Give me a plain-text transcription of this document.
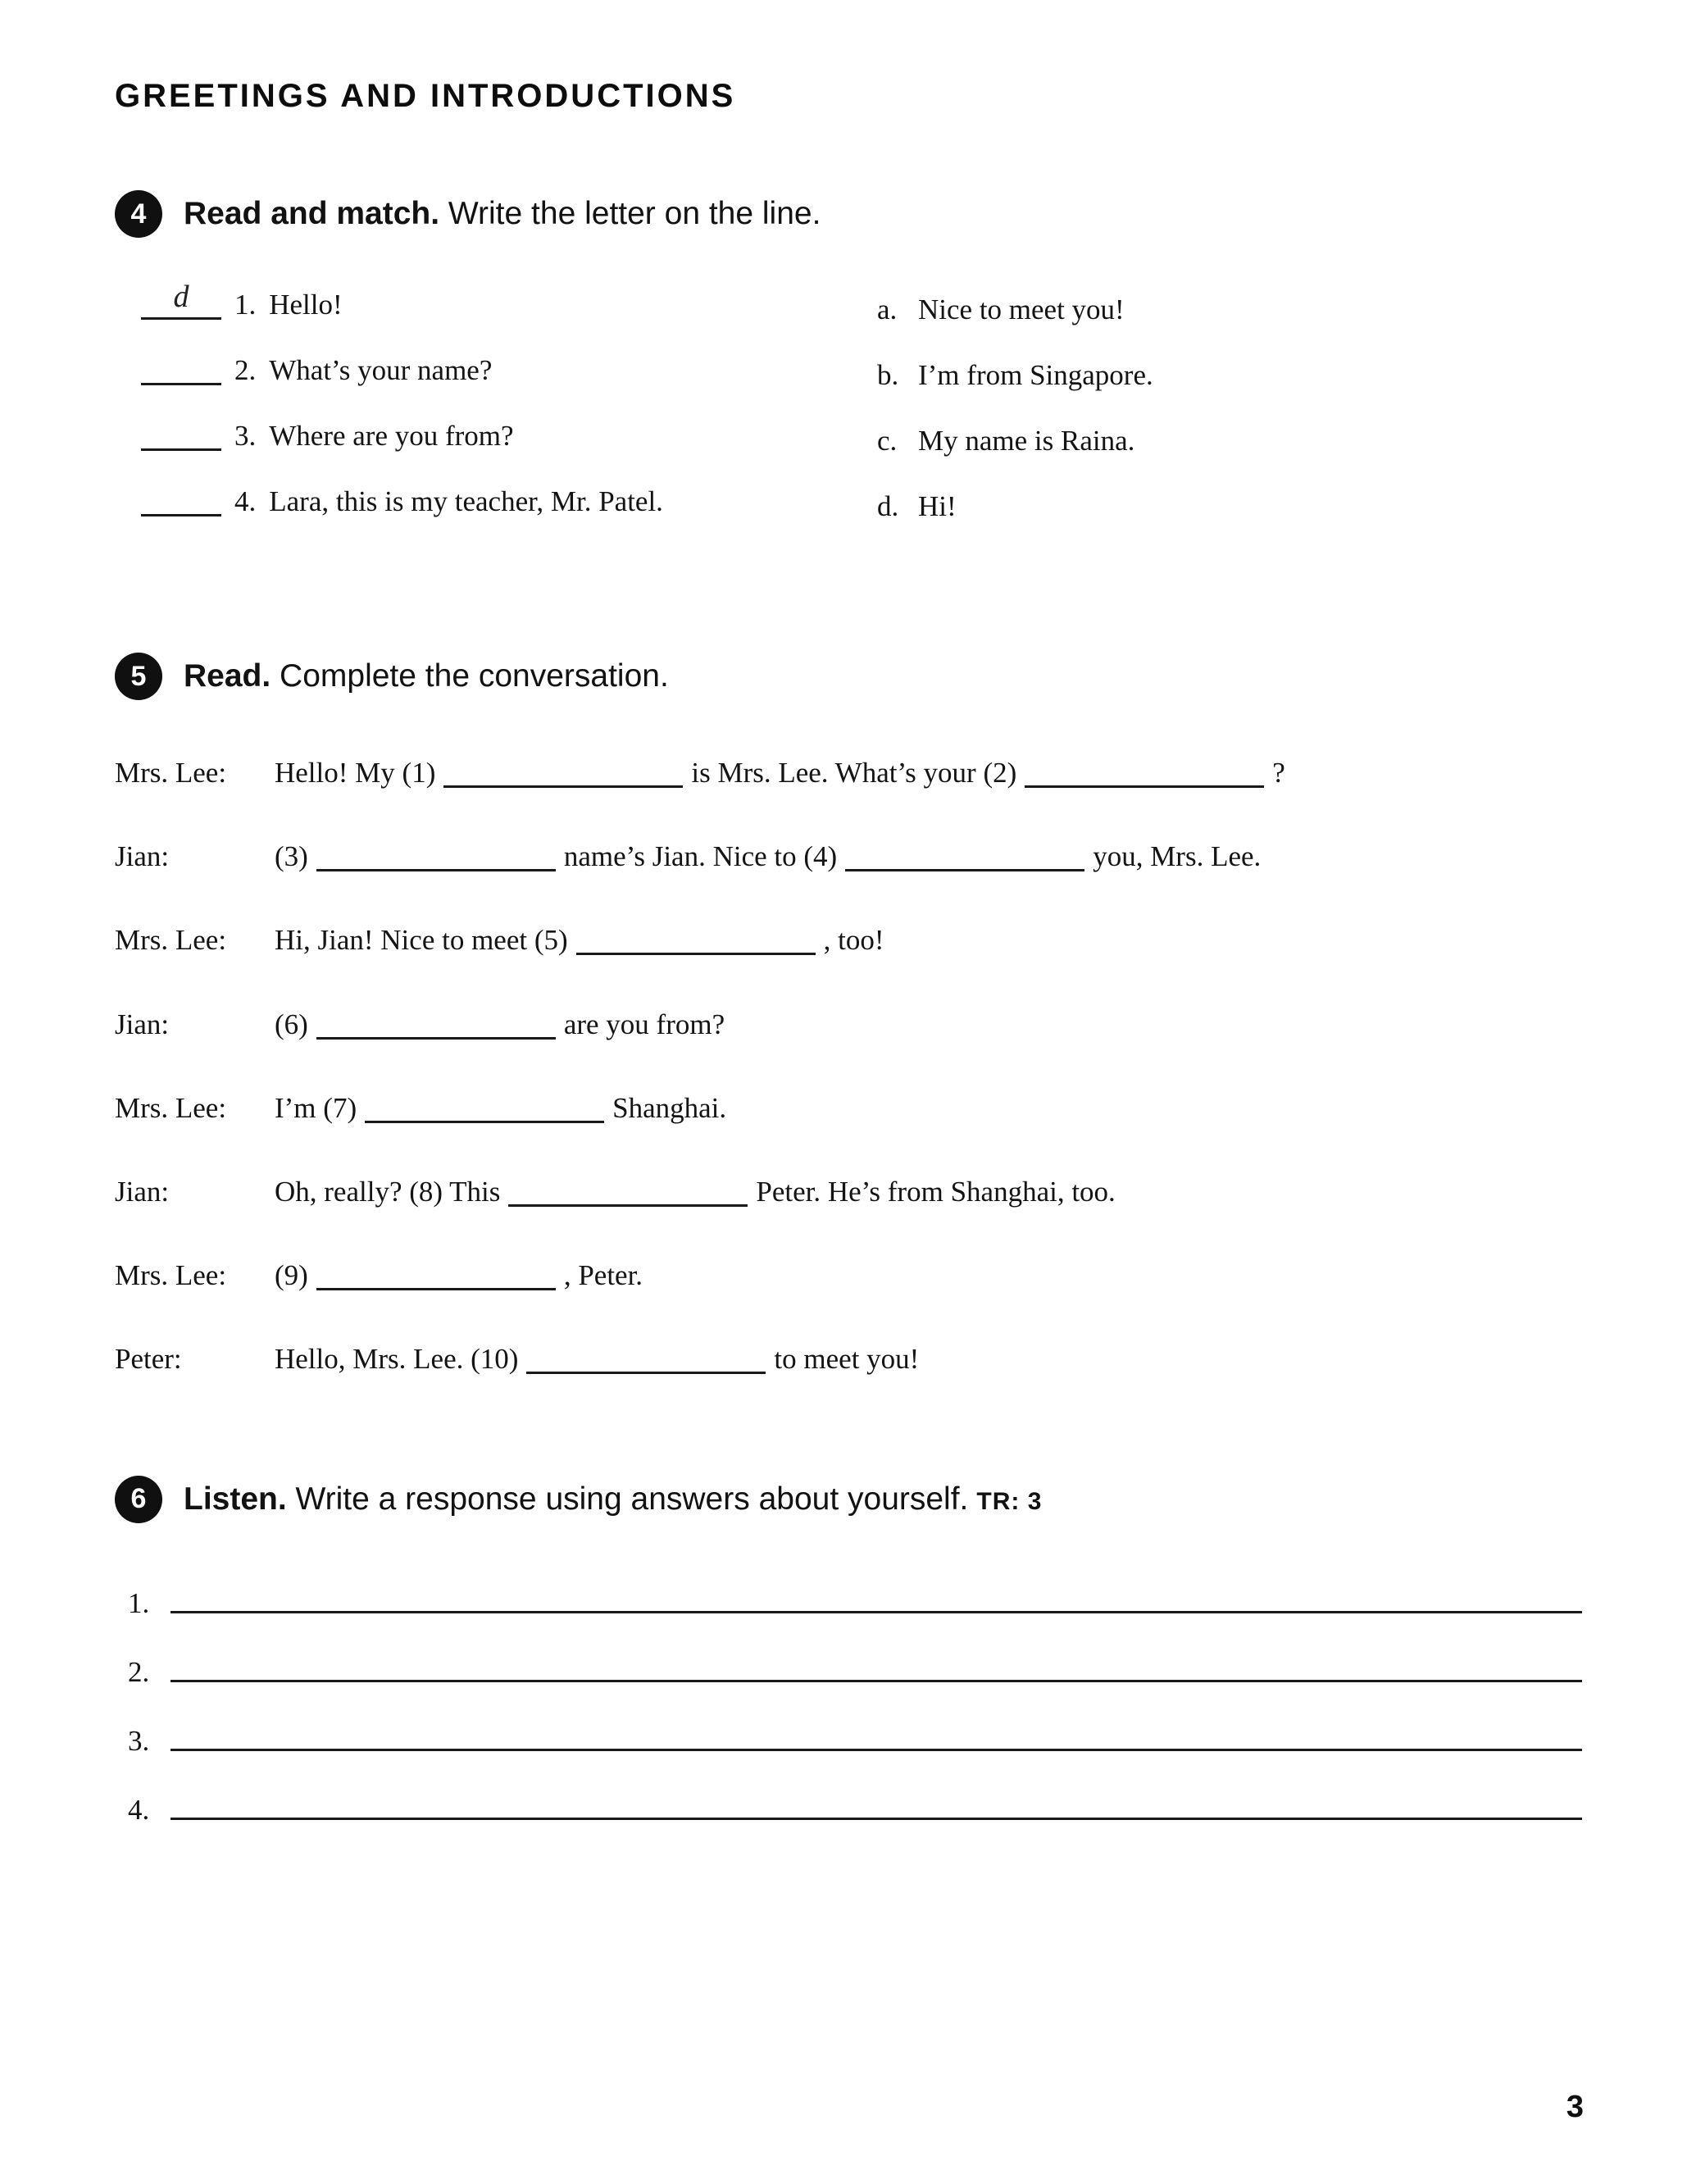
GREETINGS AND INTRODUCTIONS
4	Read and match. Write the letter on the line.
d	1. Hello!
2. What’s your name?
3. Where are you from?
4. Lara, this is my teacher, Mr. Patel.
a. Nice to meet you!
b. I’m from Singapore.
c. My name is Raina.
d. Hi!
5	Read. Complete the conversation.
Mrs. Lee:	Hello! My (1)	is Mrs. Lee. What’s your (2)	?
Jian:	(3)	name’s Jian. Nice to (4)	you, Mrs. Lee.
Mrs. Lee:	Hi, Jian! Nice to meet (5)	, too!
Jian:	(6)	are you from?
Mrs. Lee:	I’m (7)	Shanghai.
Jian:	Oh, really? (8) This	Peter. He’s from Shanghai, too.
Mrs. Lee:	(9)	, Peter.
Peter:	Hello, Mrs. Lee. (10)	to meet you!
6	Listen. Write a response using answers about yourself. TR: 3
1.
2.
3.
4.
3
